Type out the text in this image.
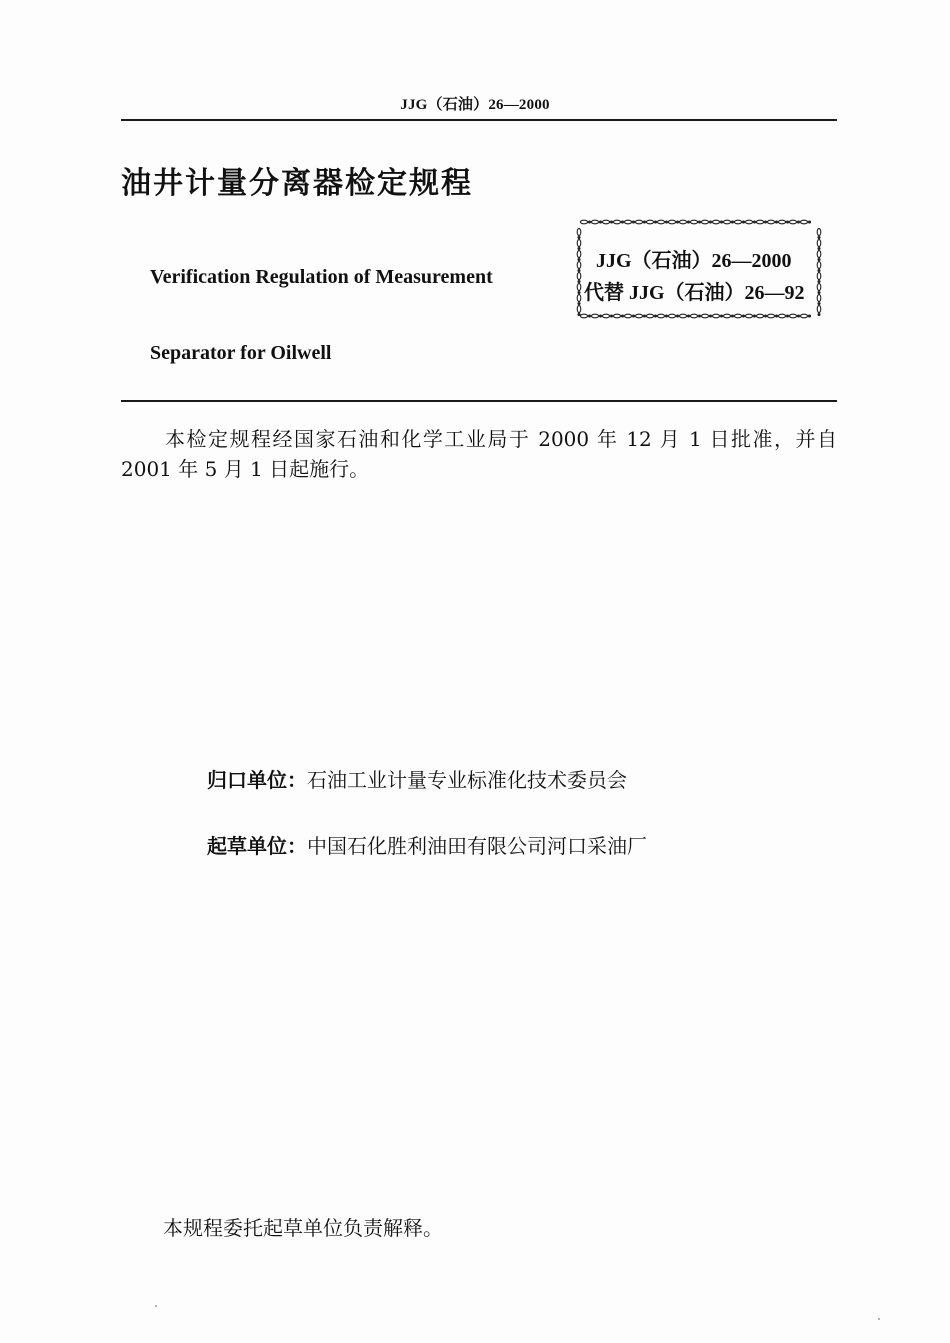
JJG（石油）26—2000
油井计量分离器检定规程
Verification Regulation of Measurement
Separator for Oilwell
JJG（石油）26—2000
代替 JJG（石油）26—92
本检定规程经国家石油和化学工业局于 2000 年 12 月 1 日批准，并自 2001 年 5 月 1 日起施行。
归口单位：石油工业计量专业标准化技术委员会
起草单位：中国石化胜利油田有限公司河口采油厂
本规程委托起草单位负责解释。
